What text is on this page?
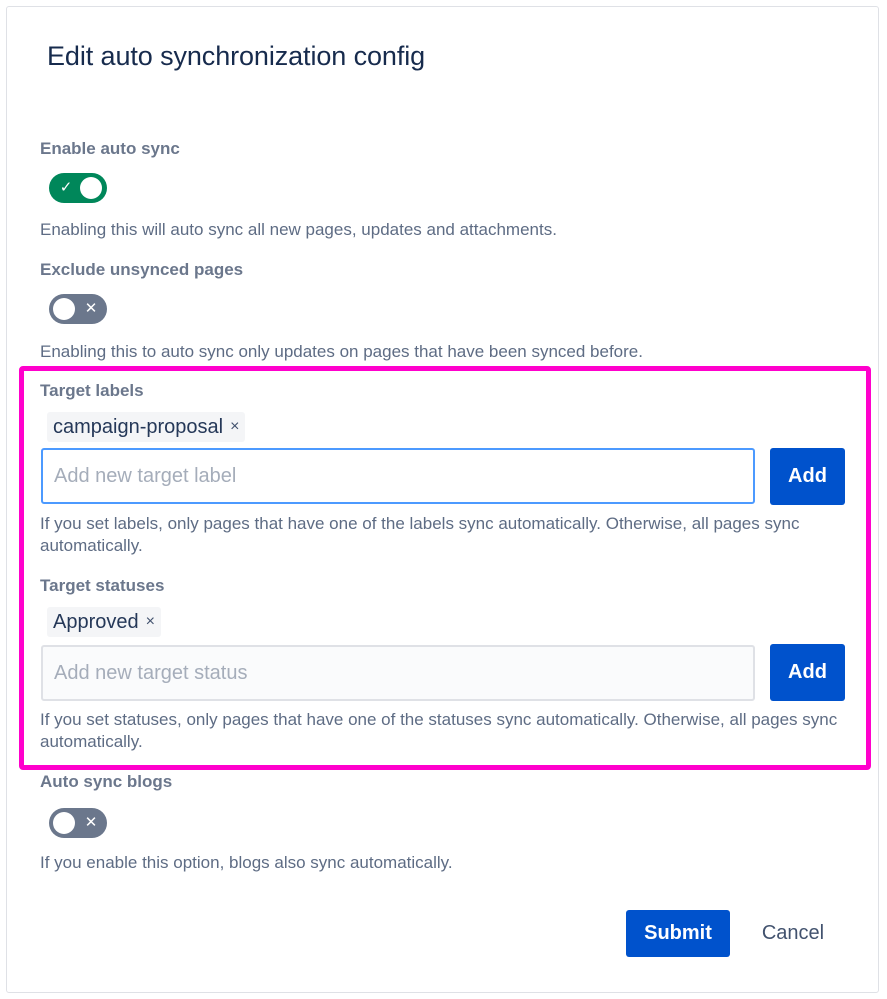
Edit auto synchronization config
Enable auto sync
✓
Enabling this will auto sync all new pages, updates and attachments.
Exclude unsynced pages
✕
Enabling this to auto sync only updates on pages that have been synced before.
Target labels
campaign-proposal ×
Add new target label
Add
If you set labels, only pages that have one of the labels sync automatically. Otherwise, all pages sync automatically.
Target statuses
Approved ×
Add new target status
Add
If you set statuses, only pages that have one of the statuses sync automatically. Otherwise, all pages sync automatically.
Auto sync blogs
✕
If you enable this option, blogs also sync automatically.
Submit	Cancel
